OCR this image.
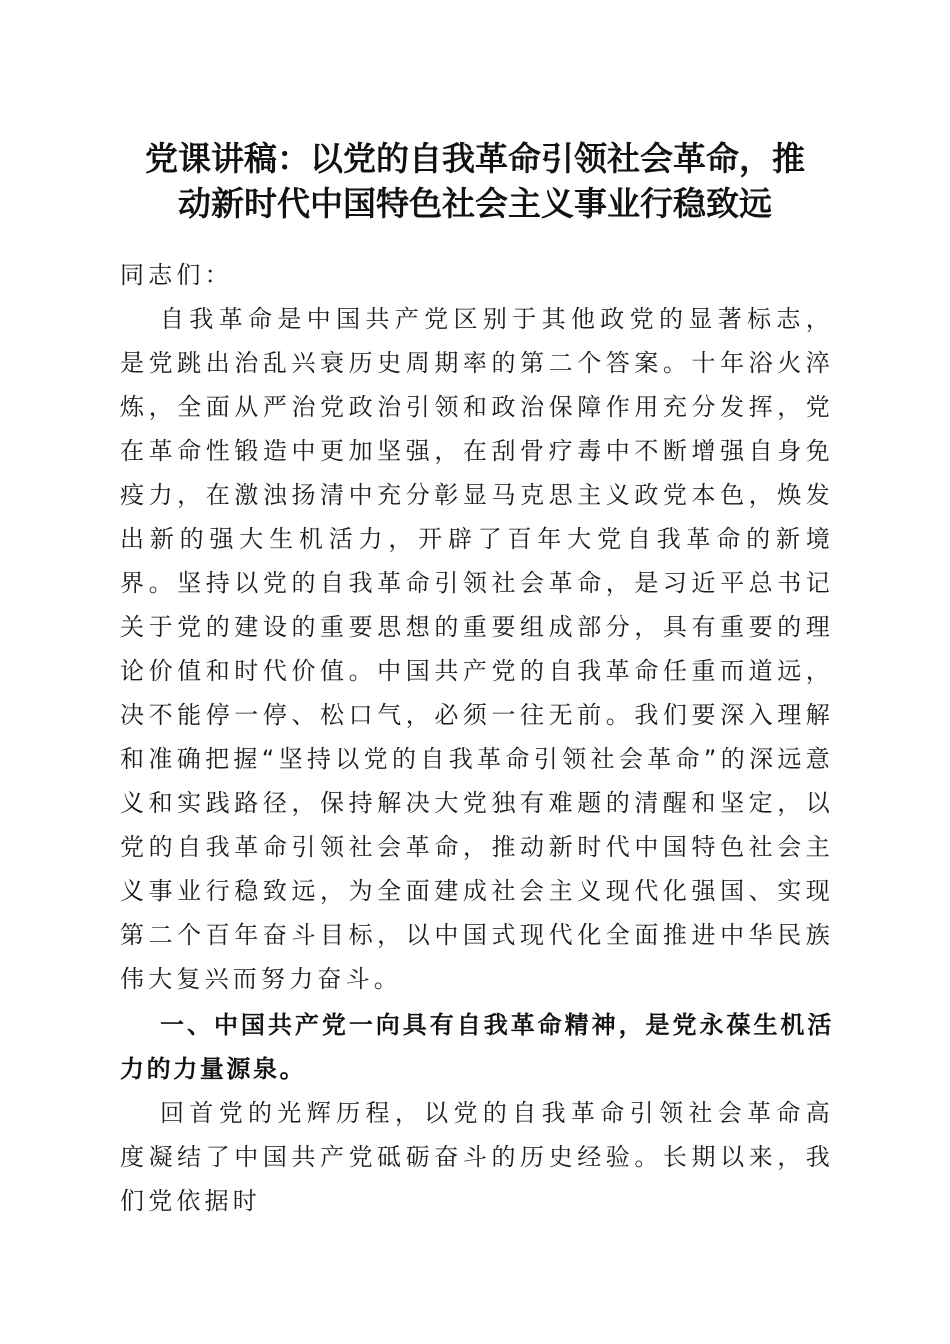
党课讲稿：以党的自我革命引领社会革命，推
动新时代中国特色社会主义事业行稳致远

同志们：

自我革命是中国共产党区别于其他政党的显著标志，是党跳出治乱兴衰历史周期率的第二个答案。十年浴火淬炼，全面从严治党政治引领和政治保障作用充分发挥，党在革命性锻造中更加坚强，在刮骨疗毒中不断增强自身免疫力，在激浊扬清中充分彰显马克思主义政党本色，焕发出新的强大生机活力，开辟了百年大党自我革命的新境界。坚持以党的自我革命引领社会革命，是习近平总书记关于党的建设的重要思想的重要组成部分，具有重要的理论价值和时代价值。中国共产党的自我革命任重而道远，决不能停一停、松口气，必须一往无前。我们要深入理解和准确把握“坚持以党的自我革命引领社会革命”的深远意义和实践路径，保持解决大党独有难题的清醒和坚定，以党的自我革命引领社会革命，推动新时代中国特色社会主义事业行稳致远，为全面建成社会主义现代化强国、实现第二个百年奋斗目标，以中国式现代化全面推进中华民族伟大复兴而努力奋斗。

一、中国共产党一向具有自我革命精神，是党永葆生机活力的力量源泉。

回首党的光辉历程，以党的自我革命引领社会革命高度凝结了中国共产党砥砺奋斗的历史经验。长期以来，我们党依据时
